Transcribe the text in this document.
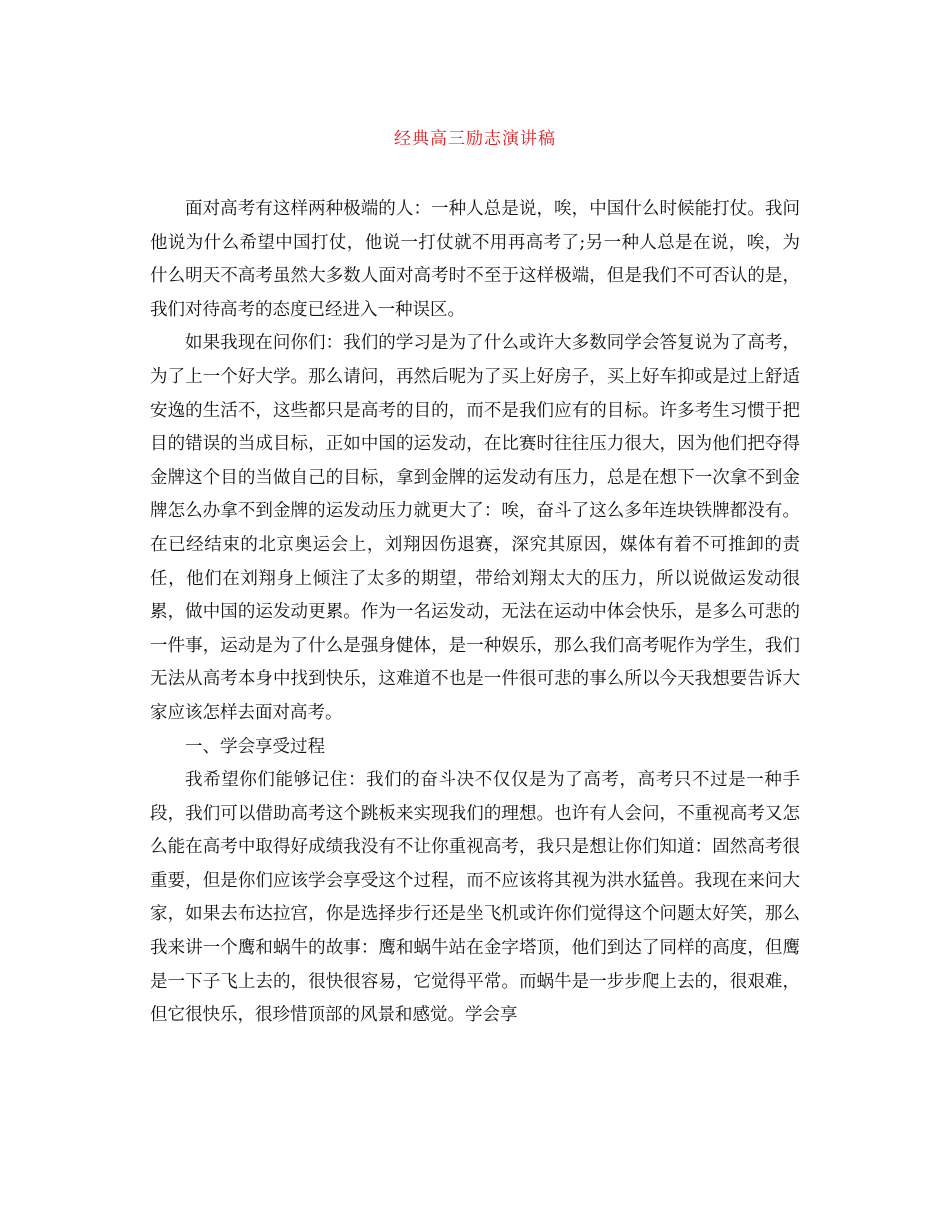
经典高三励志演讲稿

面对高考有这样两种极端的人：一种人总是说，唉，中国什么时候能打仗。我问他说为什么希望中国打仗，他说一打仗就不用再高考了;另一种人总是在说，唉，为什么明天不高考虽然大多数人面对高考时不至于这样极端，但是我们不可否认的是，我们对待高考的态度已经进入一种误区。

如果我现在问你们：我们的学习是为了什么或许大多数同学会答复说为了高考，为了上一个好大学。那么请问，再然后呢为了买上好房子，买上好车抑或是过上舒适安逸的生活不，这些都只是高考的目的，而不是我们应有的目标。许多考生习惯于把目的错误的当成目标，正如中国的运发动，在比赛时往往压力很大，因为他们把夺得金牌这个目的当做自己的目标，拿到金牌的运发动有压力，总是在想下一次拿不到金牌怎么办拿不到金牌的运发动压力就更大了：唉，奋斗了这么多年连块铁牌都没有。在已经结束的北京奥运会上，刘翔因伤退赛，深究其原因，媒体有着不可推卸的责任，他们在刘翔身上倾注了太多的期望，带给刘翔太大的压力，所以说做运发动很累，做中国的运发动更累。作为一名运发动，无法在运动中体会快乐，是多么可悲的一件事，运动是为了什么是强身健体，是一种娱乐，那么我们高考呢作为学生，我们无法从高考本身中找到快乐，这难道不也是一件很可悲的事么所以今天我想要告诉大家应该怎样去面对高考。

一、学会享受过程

我希望你们能够记住：我们的奋斗决不仅仅是为了高考，高考只不过是一种手段，我们可以借助高考这个跳板来实现我们的理想。也许有人会问，不重视高考又怎么能在高考中取得好成绩我没有不让你重视高考，我只是想让你们知道：固然高考很重要，但是你们应该学会享受这个过程，而不应该将其视为洪水猛兽。我现在来问大家，如果去布达拉宫，你是选择步行还是坐飞机或许你们觉得这个问题太好笑，那么我来讲一个鹰和蜗牛的故事：鹰和蜗牛站在金字塔顶，他们到达了同样的高度，但鹰是一下子飞上去的，很快很容易，它觉得平常。而蜗牛是一步步爬上去的，很艰难，但它很快乐，很珍惜顶部的风景和感觉。学会享
